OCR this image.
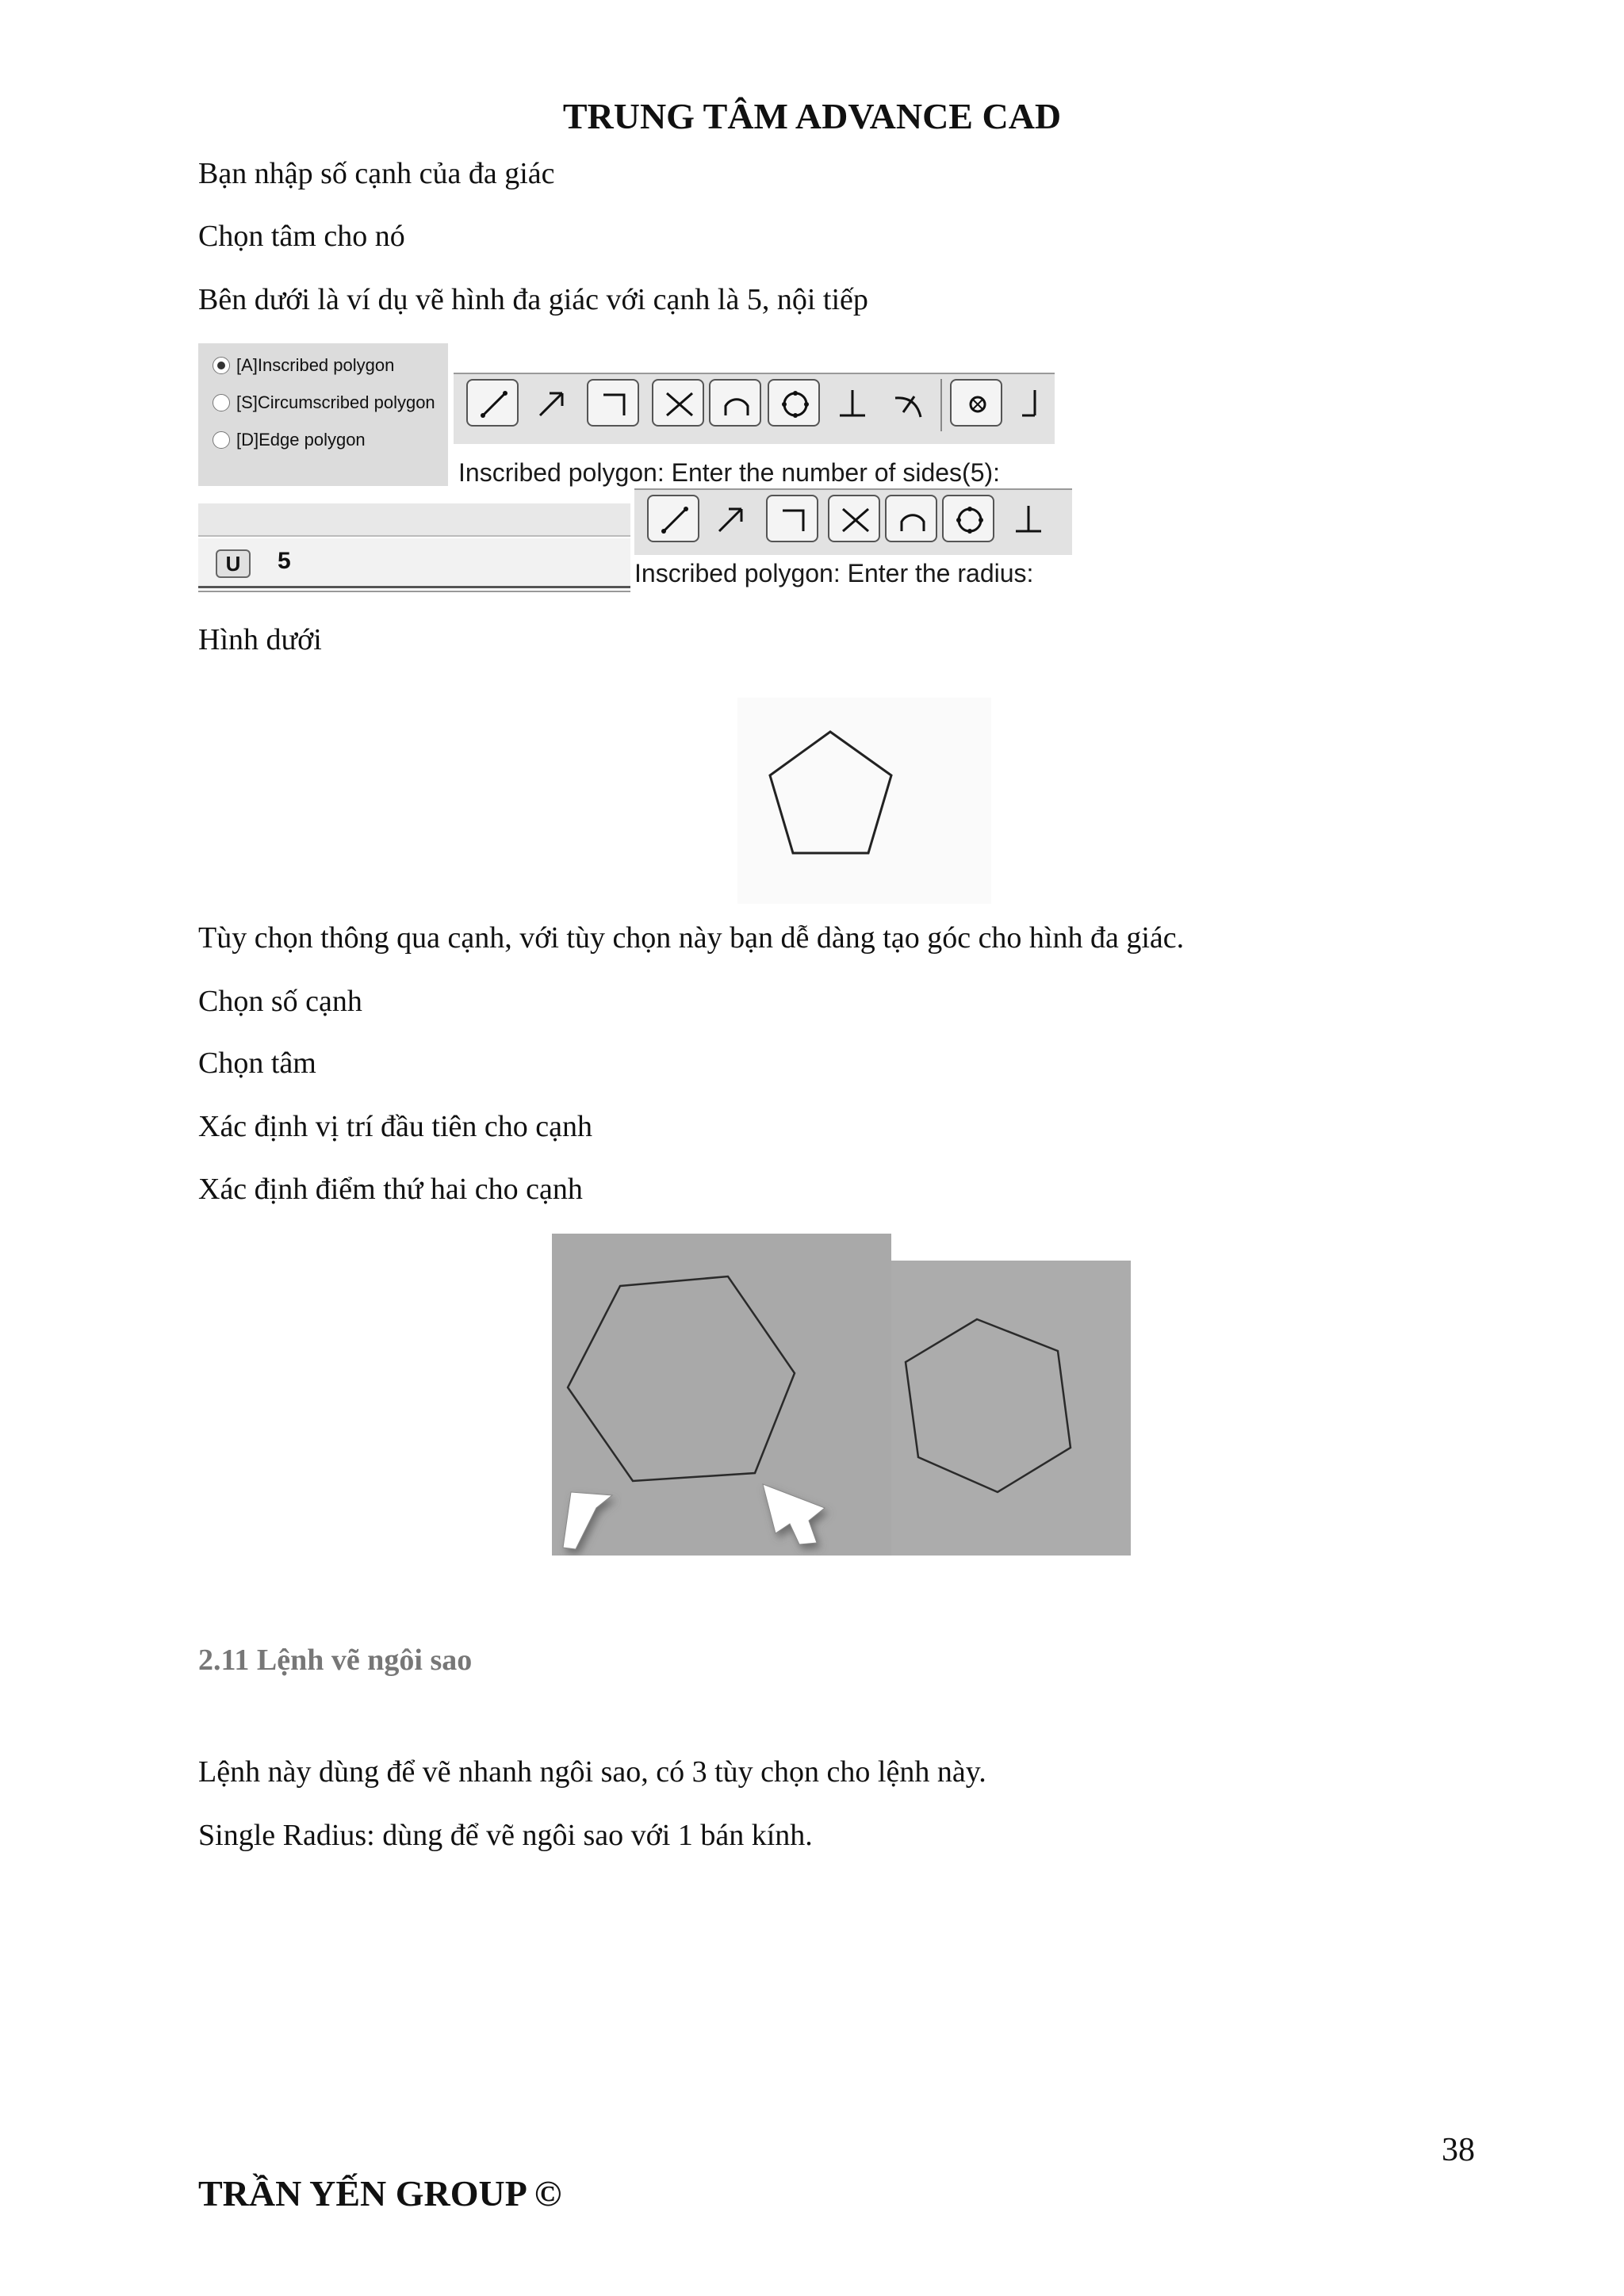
TRUNG TÂM ADVANCE CAD
Bạn nhập số cạnh của đa giác
Chọn tâm cho nó
Bên dưới là ví dụ vẽ hình đa giác với cạnh là 5, nội tiếp
[A]Inscribed polygon
[S]Circumscribed polygon
[D]Edge polygon
Inscribed polygon: Enter the number of sides(5):
U	5	Inscribed polygon: Enter the radius:
Hình dưới
Tùy chọn thông qua cạnh, với tùy chọn này bạn dễ dàng tạo góc cho hình đa giác.
Chọn số cạnh
Chọn tâm
Xác định vị trí đầu tiên cho cạnh
Xác định điểm thứ hai cho cạnh
2.11 Lệnh vẽ ngôi sao
Lệnh này dùng để vẽ nhanh ngôi sao, có 3 tùy chọn cho lệnh này.
Single Radius: dùng để vẽ ngôi sao với 1 bán kính.
38
TRẦN YẾN GROUP ©
